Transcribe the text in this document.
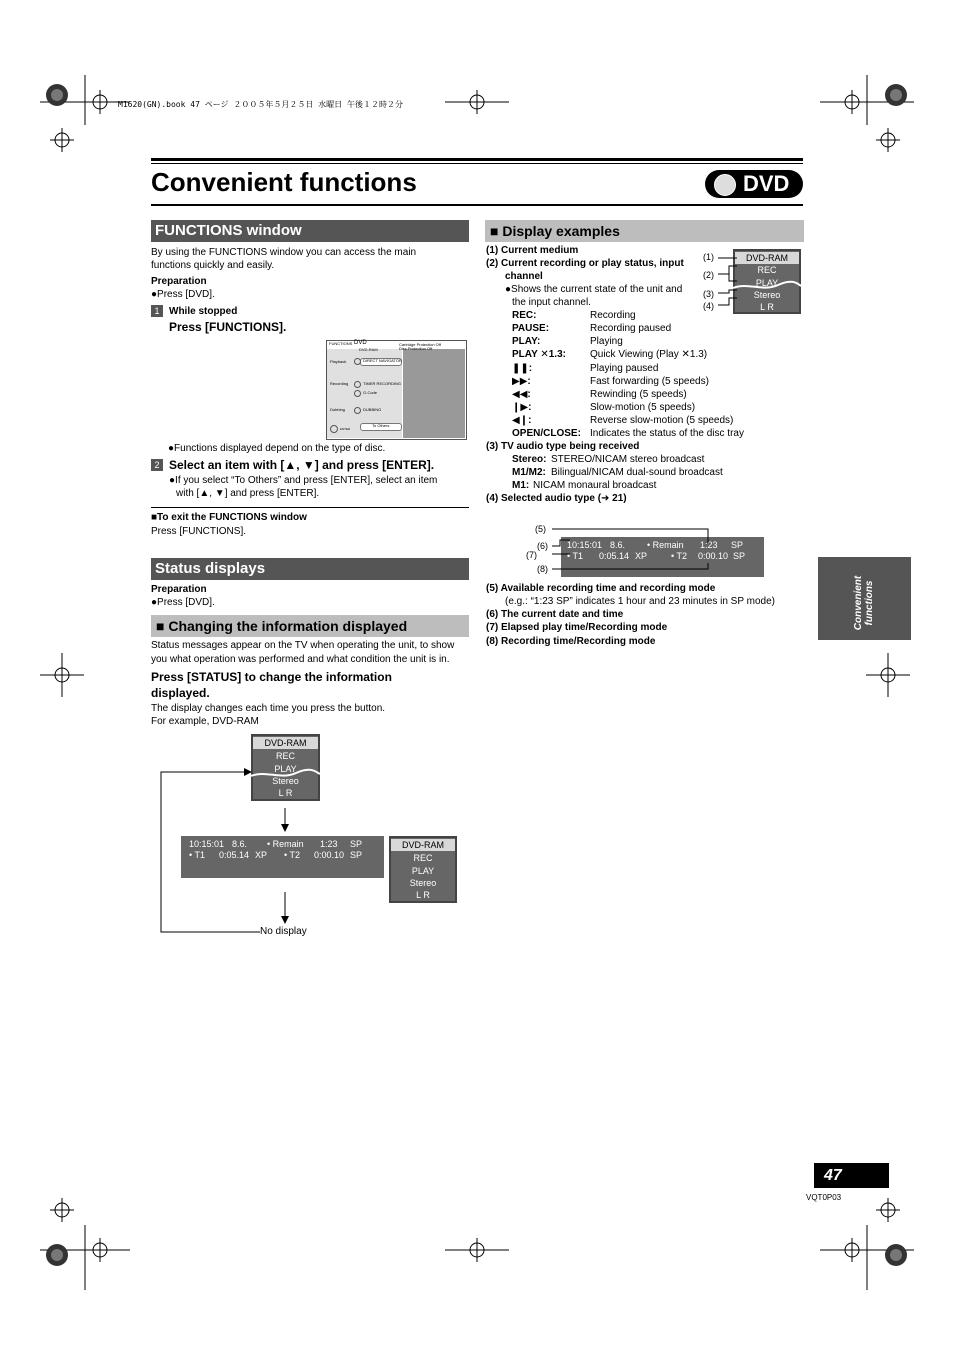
M1620(GN).book 47 ページ ２００５年５月２５日 水曜日 午後１２時２分
Convenient functions	DVD
FUNCTIONS window
By using the FUNCTIONS window you can access the main
functions quickly and easily.
Preparation
●Press [DVD].
1 While stopped
Press [FUNCTIONS].
FUNCTIONS DVD
DVD-RAM
Cartridge Protection Off
Disc Protection Off
Playback
Recording
Dubbing
DIRECT NAVIGATOR
TIMER RECORDING
G-Code
DUBBING
To Others
ENTER
●Functions displayed depend on the type of disc.
2 Select an item with [▲, ▼] and press [ENTER].
●If you select “To Others” and press [ENTER], select an item
with [▲, ▼] and press [ENTER].
■To exit the FUNCTIONS window
Press [FUNCTIONS].
Status displays
Preparation
●Press [DVD].
■ Changing the information displayed
Status messages appear on the TV when operating the unit, to show
you what operation was performed and what condition the unit is in.
Press [STATUS] to change the information
displayed.
The display changes each time you press the button.
For example, DVD-RAM
DVD-RAM
REC
PLAY
Stereo
L R
10:15:01 8.6. • Remain 1:23 SP
• T1 0:05.14 XP • T2 0:00.10 SP
DVD-RAM
REC
PLAY
Stereo
L R
No display
■ Display examples
(1) Current medium
(2) Current recording or play status, input
channel
●Shows the current state of the unit and
the input channel.
REC:	Recording
PAUSE:	Recording paused
PLAY:	Playing
PLAY ✕1.3: Quick Viewing (Play ✕1.3)
❚❚:	Playing paused
▶▶:	Fast forwarding (5 speeds)
◀◀:	Rewinding (5 speeds)
❙▶:	Slow-motion (5 speeds)
◀❙:	Reverse slow-motion (5 speeds)
OPEN/CLOSE: Indicates the status of the disc tray
(3) TV audio type being received
Stereo: STEREO/NICAM stereo broadcast
M1/M2: Bilingual/NICAM dual-sound broadcast
M1: NICAM monaural broadcast
(4) Selected audio type (➜ 21)
DVD-RAM
REC
PLAY
Stereo
L R
(1)
(2)
(3)
(4)
10:15:01 8.6. • Remain 1:23 SP
• T1 0:05.14 XP	• T2 0:00.10 SP
(5)
(6)
(7)
(8)
(5) Available recording time and recording mode
(e.g.: “1:23 SP” indicates 1 hour and 23 minutes in SP mode)
(6) The current date and time
(7) Elapsed play time/Recording mode
(8) Recording time/Recording mode
Convenient functions
47
VQT0P03
